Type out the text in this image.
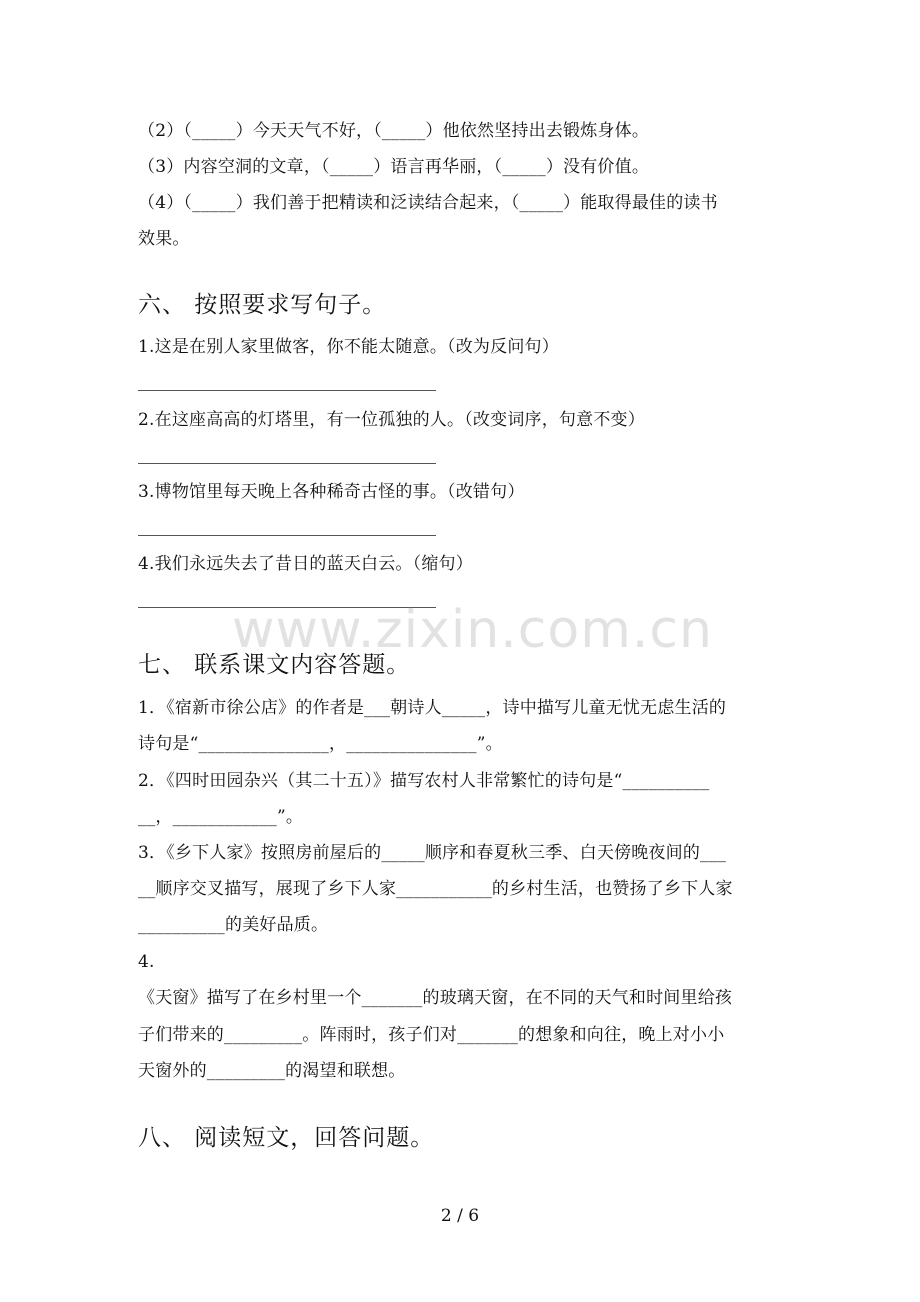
（2）（_____）今天天气不好，（_____）他依然坚持出去锻炼身体。
（3）内容空洞的文章，（_____）语言再华丽，（_____）没有价值。
（4）（_____）我们善于把精读和泛读结合起来，（_____）能取得最佳的读书
效果。
六、 按照要求写句子。
1.这是在别人家里做客，你不能太随意。（改为反问句）
2.在这座高高的灯塔里，有一位孤独的人。（改变词序，句意不变）
3.博物馆里每天晚上各种稀奇古怪的事。（改错句）
4.我们永远失去了昔日的蓝天白云。（缩句）
www.zixin.com.cn
七、 联系课文内容答题。
1．《宿新市徐公店》的作者是___朝诗人_____，诗中描写儿童无忧无虑生活的
诗句是“_______________，_______________”。
2．《四时田园杂兴（其二十五）》描写农村人非常繁忙的诗句是“__________
__，____________”。
3．《乡下人家》按照房前屋后的_____顺序和春夏秋三季、白天傍晚夜间的___
__顺序交叉描写，展现了乡下人家___________的乡村生活，也赞扬了乡下人家
__________的美好品质。
4.
《天窗》描写了在乡村里一个_______的玻璃天窗，在不同的天气和时间里给孩
子们带来的_________。阵雨时，孩子们对_______的想象和向往，晚上对小小
天窗外的_________的渴望和联想。
八、 阅读短文，回答问题。
2 / 6
